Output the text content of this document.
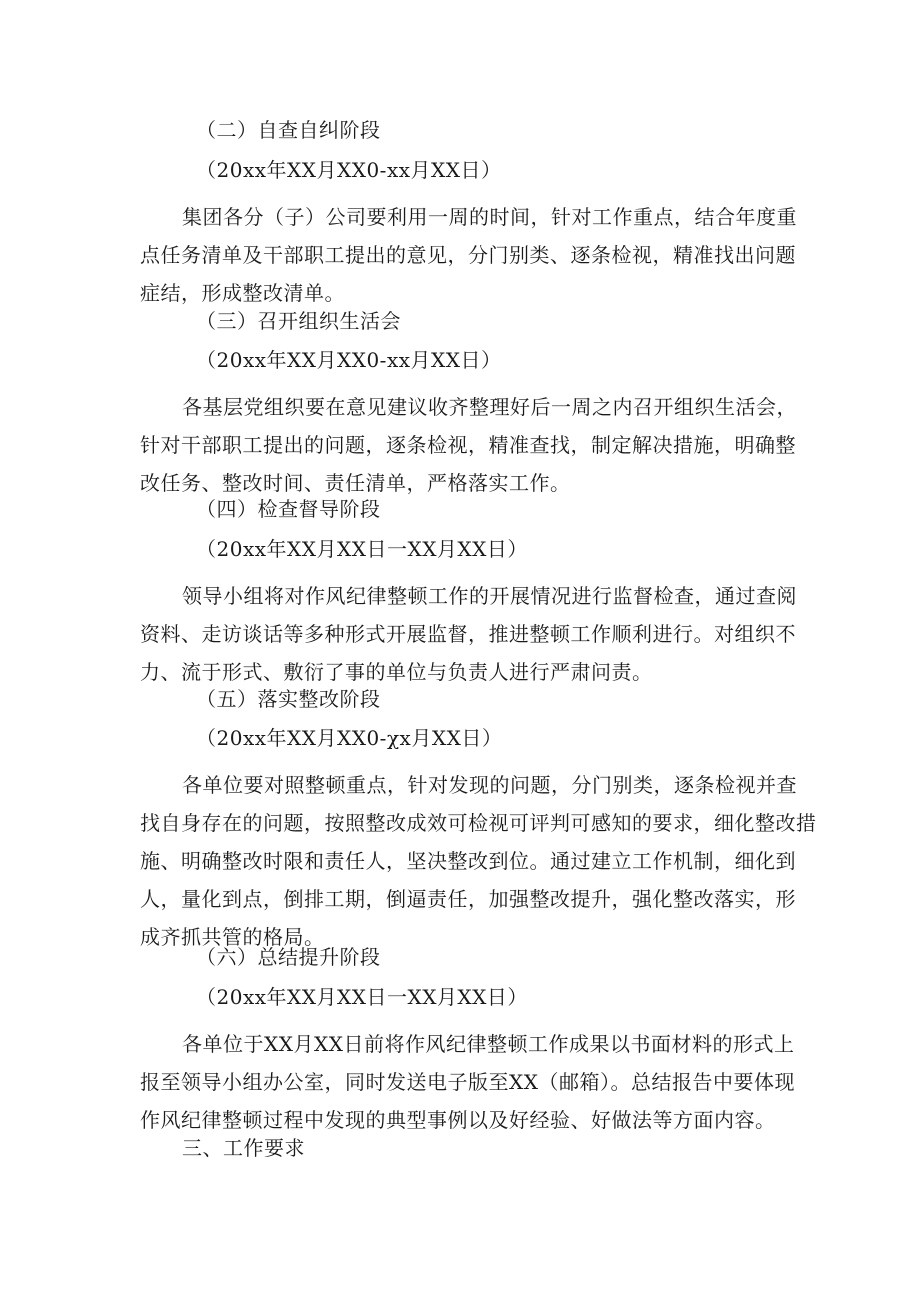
（二）自查自纠阶段
（20xx年XX月XX0-xx月XX日）
集团各分（子）公司要利用一周的时间，针对工作重点，结合年度重
点任务清单及干部职工提出的意见，分门别类、逐条检视，精准找出问题
症结，形成整改清单。
（三）召开组织生活会
（20xx年XX月XX0-xx月XX日）
各基层党组织要在意见建议收齐整理好后一周之内召开组织生活会，
针对干部职工提出的问题，逐条检视，精准查找，制定解决措施，明确整
改任务、整改时间、责任清单，严格落实工作。
（四）检查督导阶段
（20xx年XX月XX日一XX月XX日）
领导小组将对作风纪律整顿工作的开展情况进行监督检查，通过查阅
资料、走访谈话等多种形式开展监督，推进整顿工作顺利进行。对组织不
力、流于形式、敷衍了事的单位与负责人进行严肃问责。
（五）落实整改阶段
（20xx年XX月XX0-χx月XX日）
各单位要对照整顿重点，针对发现的问题，分门别类，逐条检视并查
找自身存在的问题，按照整改成效可检视可评判可感知的要求，细化整改措
施、明确整改时限和责任人，坚决整改到位。通过建立工作机制，细化到
人，量化到点，倒排工期，倒逼责任，加强整改提升，强化整改落实，形
成齐抓共管的格局。
（六）总结提升阶段
（20xx年XX月XX日一XX月XX日）
各单位于XX月XX日前将作风纪律整顿工作成果以书面材料的形式上
报至领导小组办公室，同时发送电子版至XX（邮箱）。总结报告中要体现
作风纪律整顿过程中发现的典型事例以及好经验、好做法等方面内容。
三、工作要求
